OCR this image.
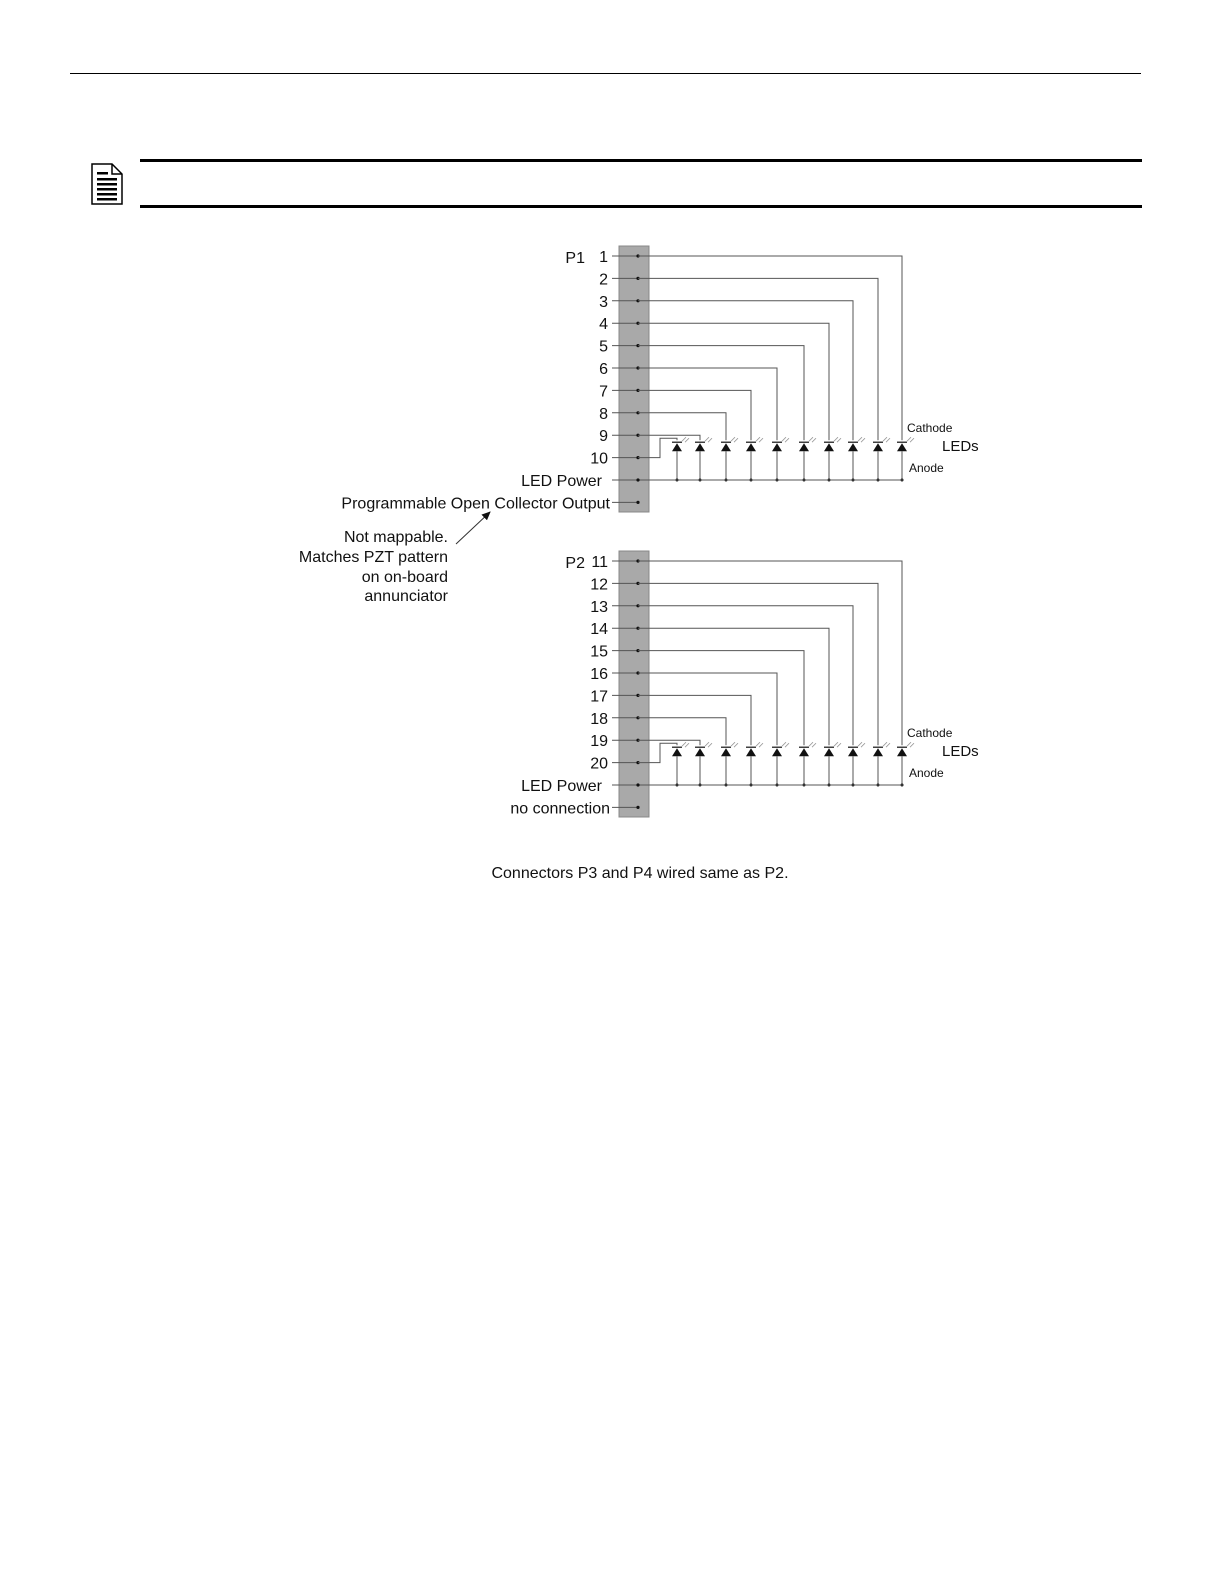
Not mappable.
Matches PZT pattern
on on-board
annunciator
Connectors P3 and P4 wired same as P2.
P1 1
2
3
4
5
6
7
8
9
10
LED Power
Programmable Open Collector Output
Cathode
LEDs
Anode
P2 11
12
13
14
15
16
17
18
19
20
LED Power
no connection
Cathode
LEDs
Anode
